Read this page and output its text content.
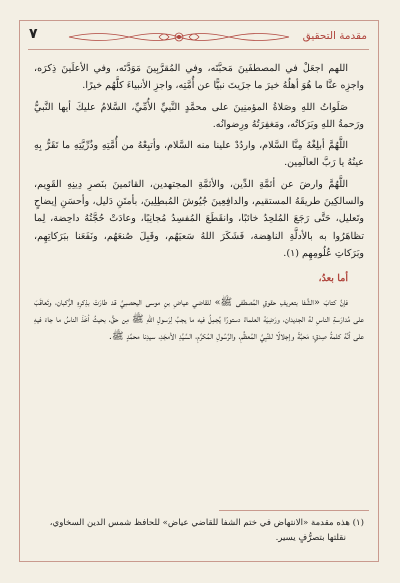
مقدمة التحقيق
٧

اللهم اجعَلْ في المصطفَينَ مَحبَّتَه، وفي المُقرَّبِينَ مَوَدَّتَه، وفي الأعلَينَ ذِكرَه، واجزِه عنَّا ما هُوَ أهلُهُ خيرَ ما جزَيتَ نبيًّا عن أُمَّتِه، واجزِ الأنبياءَ كلَّهُم خيرًا.

صَلَواتُ اللهِ وصَلاةُ المؤمنِينَ على محمَّدٍ النَّبيِّ الأُمِّيِّ، السَّلامُ عليكَ أيها النَّبيُّ ورَحمةُ اللهِ وبَرَكاتُه، ومَغفِرَتُهُ ورِضوانُه.

اللَّهُمَّ أبلِغْهُ مِنَّا السَّلام، واردُدْ علينا منه السَّلام، وأتبِعْهُ من أُمَّتِهِ وذُرِّيَّتِهِ ما تَقَرُّ بِهِ عينُهُ يا رَبَّ العالَمِين.

اللَّهُمَّ وارضَ عن أئمَّةِ الدِّين، والأئمَّةِ المجتهدين، القائمينَ بنَصرِ دِينِهِ القَوِيم، والسالكِينَ طريقَهُ المستقيم، والدافِعِينَ جُيُوشَ المُبطِلِينَ، بأمتَنِ دَليل، وأحسَنِ إيضاحٍ وتَعليل، حَتَّى رَجَعَ المُلحِدُ خائبًا، وانقَطَعَ المُفسِدُ مُجانِبًا، وعادَتْ حُجَّتُهُ داحِضة، لِما تظاهَرُوا به بالأدلَّةِ الناهِضة، فَشَكَرَ اللهُ سَعيَهُم، وقَبِلَ صُنعَهُم، ونَفَعَنا ببَرَكاتِهِم، وبَرَكاتِ عُلُومِهِم (١).

أما بعدُ،

فإنَّ كتابَ «الشِّفا بتعريفِ حقوقِ المُصطفى ﷺ» للقاضي عياضِ بنِ موسى اليحصبيِّ قد طارَتْ بذِكرِهِ الرُّكبان، وتَعاقَبَ على مُدارَسةِ الناسِ لهُ الجديدان، ورَضِيَهُ العلماءُ دستورًا يُجمِلُ فيه ما يجبُ لِرَسولِ اللهِ ﷺ مِن حقٍّ، بحيثُ أخَذَ الناسُ ما جاءَ فيهِ على أنَّهُ كلمةُ صِدقٍ؛ مَحبَّةً وإجلالًا للنَّبِيِّ المُعظَّمِ، والرَّسُولِ المُكرَّمِ، السَّيِّدِ الأمجَدِ، سيدِنا محمَّدٍ ﷺ.

(١) هذه مقدمة «الانتهاض في ختم الشفا للقاضي عياض» للحافظ شمس الدين السخاوي،

نقلتها بتصرُّفٍ يسير.
